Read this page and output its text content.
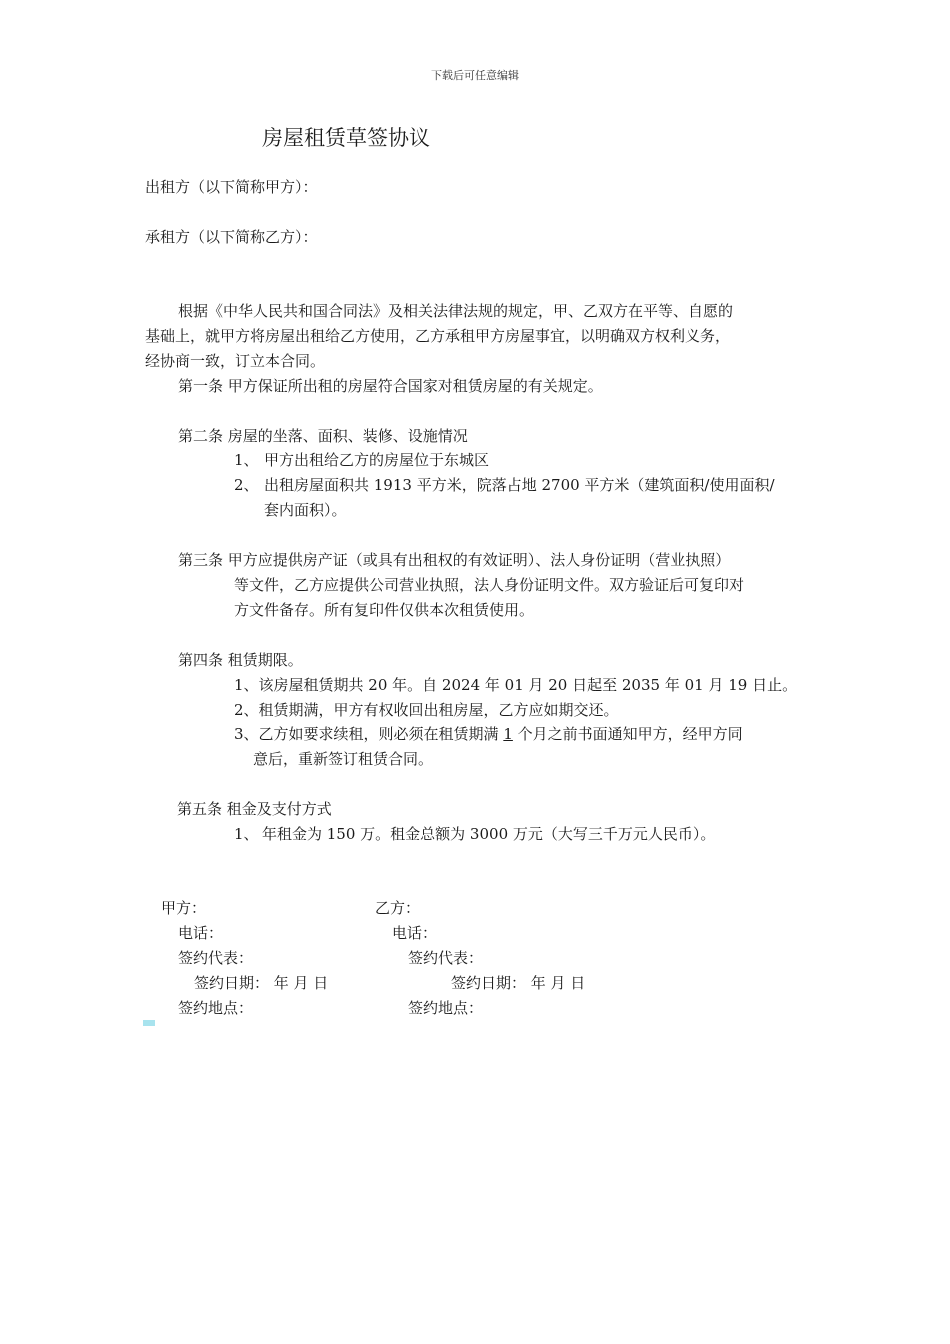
下载后可任意编辑
房屋租赁草签协议
出租方（以下简称甲方）：
承租方（以下简称乙方）：
根据《中华人民共和国合同法》及相关法律法规的规定，甲、乙双方在平等、自愿的
基础上，就甲方将房屋出租给乙方使用，乙方承租甲方房屋事宜，以明确双方权利义务，
经协商一致，订立本合同。
第一条 甲方保证所出租的房屋符合国家对租赁房屋的有关规定。
第二条 房屋的坐落、面积、装修、设施情况
1、 甲方出租给乙方的房屋位于东城区
2、 出租房屋面积共 1913 平方米，院落占地 2700 平方米（建筑面积/使用面积/
套内面积）。
第三条 甲方应提供房产证（或具有出租权的有效证明）、法人身份证明（营业执照）
等文件，乙方应提供公司营业执照，法人身份证明文件。双方验证后可复印对
方文件备存。所有复印件仅供本次租赁使用。
第四条 租赁期限。
1、该房屋租赁期共 20 年。自 2024 年 01 月 20 日起至 2035 年 01 月 19 日止。
2、租赁期满，甲方有权收回出租房屋，乙方应如期交还。
3、乙方如要求续租，则必须在租赁期满 1 个月之前书面通知甲方，经甲方同
意后，重新签订租赁合同。
第五条 租金及支付方式
1、 年租金为 150 万。租金总额为 3000 万元（大写三千万元人民币）。
甲方：	乙方：
电话：	电话：
签约代表：	签约代表：
签约日期： 年 月 日	签约日期： 年 月 日
签约地点：	签约地点：
